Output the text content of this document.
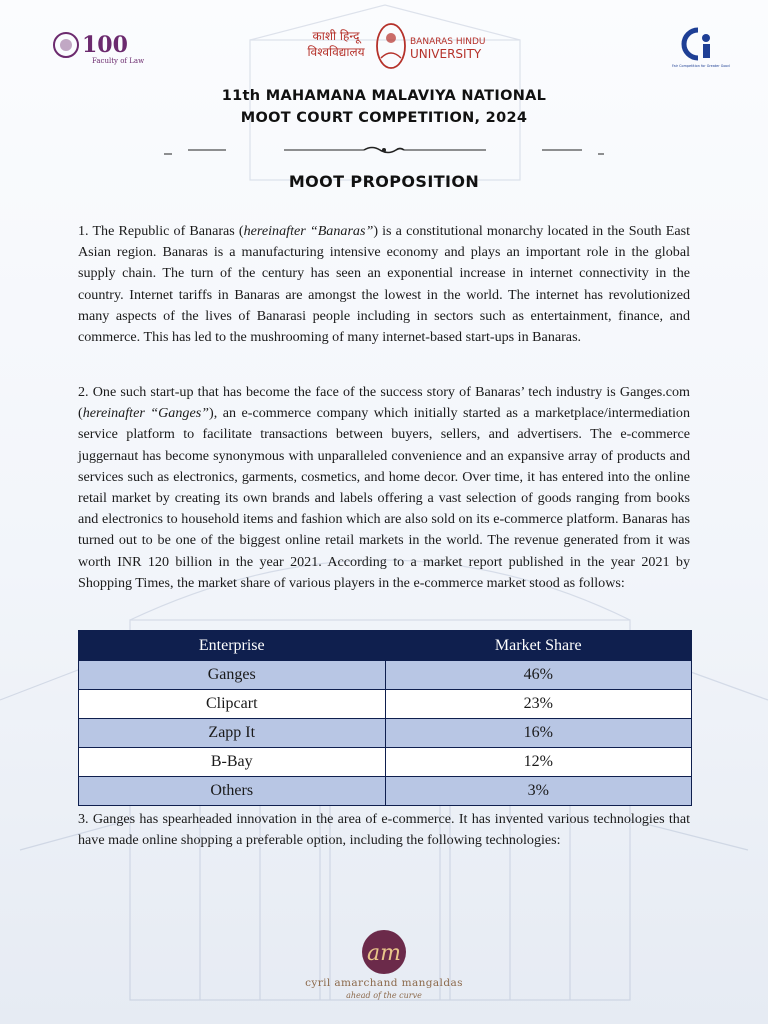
100
Faculty of Law
काशी हिन्दू
विश्वविद्यालय
BANARAS HINDU
UNIVERSITY
Fair Competition for Greater Good
11th MAHAMANA MALAVIYA NATIONAL
MOOT COURT COMPETITION, 2024
MOOT PROPOSITION
1. The Republic of Banaras (hereinafter “Banaras”) is a constitutional monarchy located in the South East Asian region. Banaras is a manufacturing intensive economy and plays an important role in the global supply chain. The turn of the century has seen an exponential increase in internet connectivity in the country. Internet tariffs in Banaras are amongst the lowest in the world. The internet has revolutionized many aspects of the lives of Banarasi people including in sectors such as entertainment, finance, and commerce. This has led to the mushrooming of many internet-based start-ups in Banaras.
2. One such start-up that has become the face of the success story of Banaras’ tech industry is Ganges.com (hereinafter “Ganges”), an e-commerce company which initially started as a marketplace/intermediation service platform to facilitate transactions between buyers, sellers, and advertisers. The e-commerce juggernaut has become synonymous with unparalleled convenience and an expansive array of products and services such as electronics, garments, cosmetics, and home decor. Over time, it has entered into the online retail market by creating its own brands and labels offering a vast selection of goods ranging from books and electronics to household items and fashion which are also sold on its e-commerce platform. Banaras has turned out to be one of the biggest online retail markets in the world. The revenue generated from it was worth INR 120 billion in the year 2021. According to a market report published in the year 2021 by Shopping Times, the market share of various players in the e-commerce market stood as follows:
Enterprise	Market Share
Ganges	46%
Clipcart	23%
Zapp It	16%
B-Bay	12%
Others	3%
3. Ganges has spearheaded innovation in the area of e-commerce. It has invented various technologies that have made online shopping a preferable option, including the following technologies:
am
cyril amarchand mangaldas
ahead of the curve
